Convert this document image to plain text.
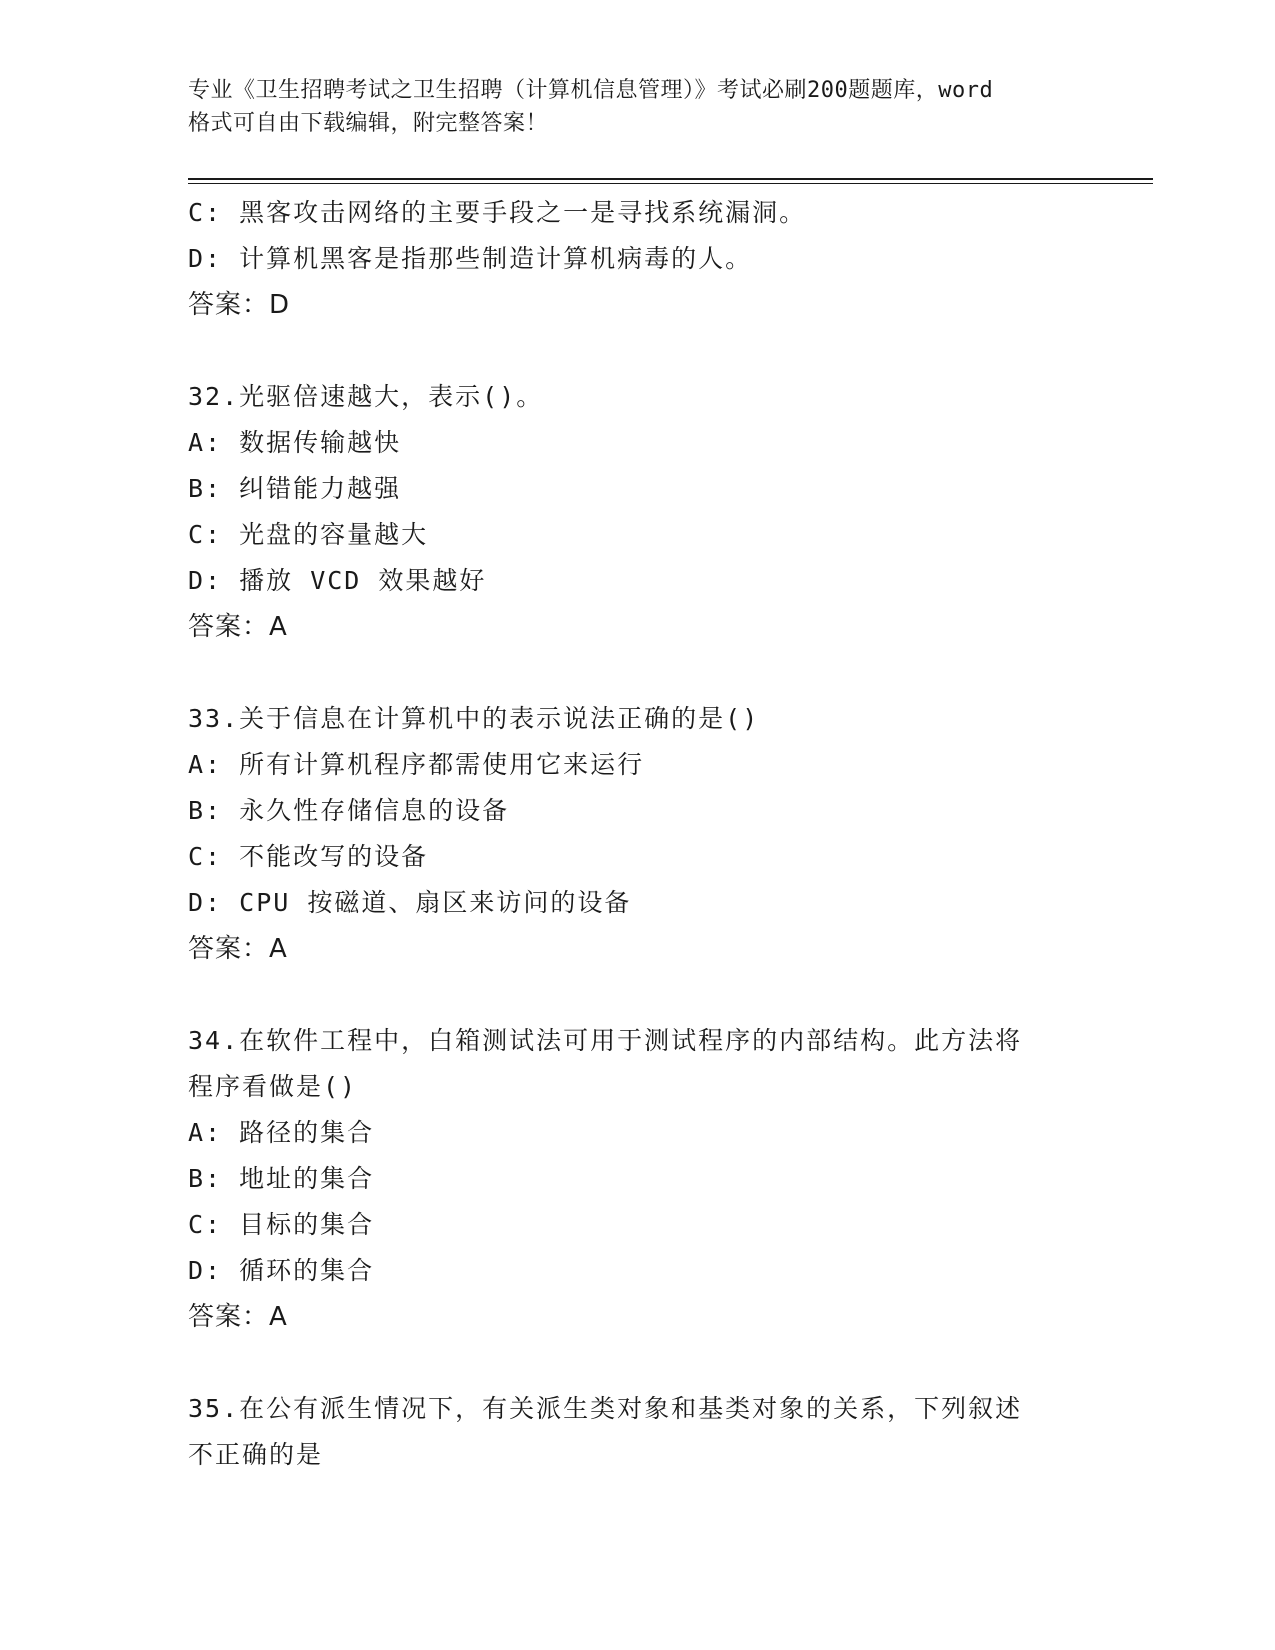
专业《卫生招聘考试之卫生招聘（计算机信息管理）》考试必刷200题题库，word
格式可自由下载编辑，附完整答案！
C: 黑客攻击网络的主要手段之一是寻找系统漏洞。
D: 计算机黑客是指那些制造计算机病毒的人。
答案：D
32.光驱倍速越大，表示()。
A: 数据传输越快
B: 纠错能力越强
C: 光盘的容量越大
D: 播放 VCD 效果越好
答案：A
33.关于信息在计算机中的表示说法正确的是()
A: 所有计算机程序都需使用它来运行
B: 永久性存储信息的设备
C: 不能改写的设备
D: CPU 按磁道、扇区来访问的设备
答案：A
34.在软件工程中，白箱测试法可用于测试程序的内部结构。此方法将
程序看做是()
A: 路径的集合
B: 地址的集合
C: 目标的集合
D: 循环的集合
答案：A
35.在公有派生情况下，有关派生类对象和基类对象的关系，下列叙述
不正确的是
